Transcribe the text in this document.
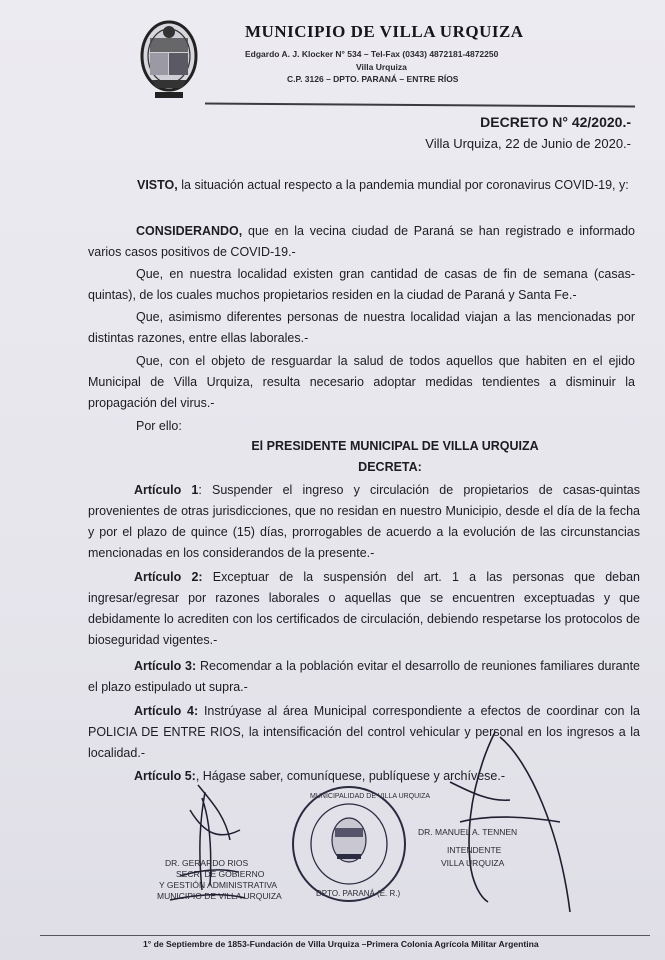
MUNICIPIO DE VILLA URQUIZA
Edgardo A. J. Klocker N° 534 – Tel-Fax (0343) 4872181-4872250
Villa Urquiza
C.P. 3126 – DPTO. PARANÁ – ENTRE RÍOS
DECRETO N° 42/2020.-
Villa Urquiza, 22 de Junio de 2020.-
VISTO, la situación actual respecto a la pandemia mundial por coronavirus COVID-19, y:
CONSIDERANDO, que en la vecina ciudad de Paraná se han registrado e informado varios casos positivos de COVID-19.-
Que, en nuestra localidad existen gran cantidad de casas de fin de semana (casas-quintas), de los cuales muchos propietarios residen en la ciudad de Paraná y Santa Fe.-
Que, asimismo diferentes personas de nuestra localidad viajan a las mencionadas por distintas razones, entre ellas laborales.-
Que, con el objeto de resguardar la salud de todos aquellos que habiten en el ejido Municipal de Villa Urquiza, resulta necesario adoptar medidas tendientes a disminuir la propagación del virus.-
Por ello:
El PRESIDENTE MUNICIPAL DE VILLA URQUIZA
DECRETA:
Artículo 1: Suspender el ingreso y circulación de propietarios de casas-quintas provenientes de otras jurisdicciones, que no residan en nuestro Municipio, desde el día de la fecha y por el plazo de quince (15) días, prorrogables de acuerdo a la evolución de las circunstancias mencionadas en los considerandos de la presente.-
Artículo 2: Exceptuar de la suspensión del art. 1 a las personas que deban ingresar/egresar por razones laborales o aquellas que se encuentren exceptuadas y que debidamente lo acrediten con los certificados de circulación, debiendo respetarse los protocolos de bioseguridad vigentes.-
Artículo 3: Recomendar a la población evitar el desarrollo de reuniones familiares durante el plazo estipulado ut supra.-
Artículo 4: Instrúyase al área Municipal correspondiente a efectos de coordinar con la POLICIA DE ENTRE RIOS, la intensificación del control vehicular y personal en los ingresos a la localidad.-
Artículo 5:, Hágase saber, comuníquese, publíquese y archívese.-
DR. GERARDO RIOS
SECR. DE GOBIERNO
Y GESTIÓN ADMINISTRATIVA
MUNICIPIO DE VILLA URQUIZA
MUNICIPALIDAD DE VILLA URQUIZA
DPTO. PARANÁ (E. R.)
DR. MANUEL A. TENNEN
INTENDENTE
VILLA URQUIZA
1° de Septiembre de 1853-Fundación de Villa Urquiza –Primera Colonia Agrícola Militar Argentina
